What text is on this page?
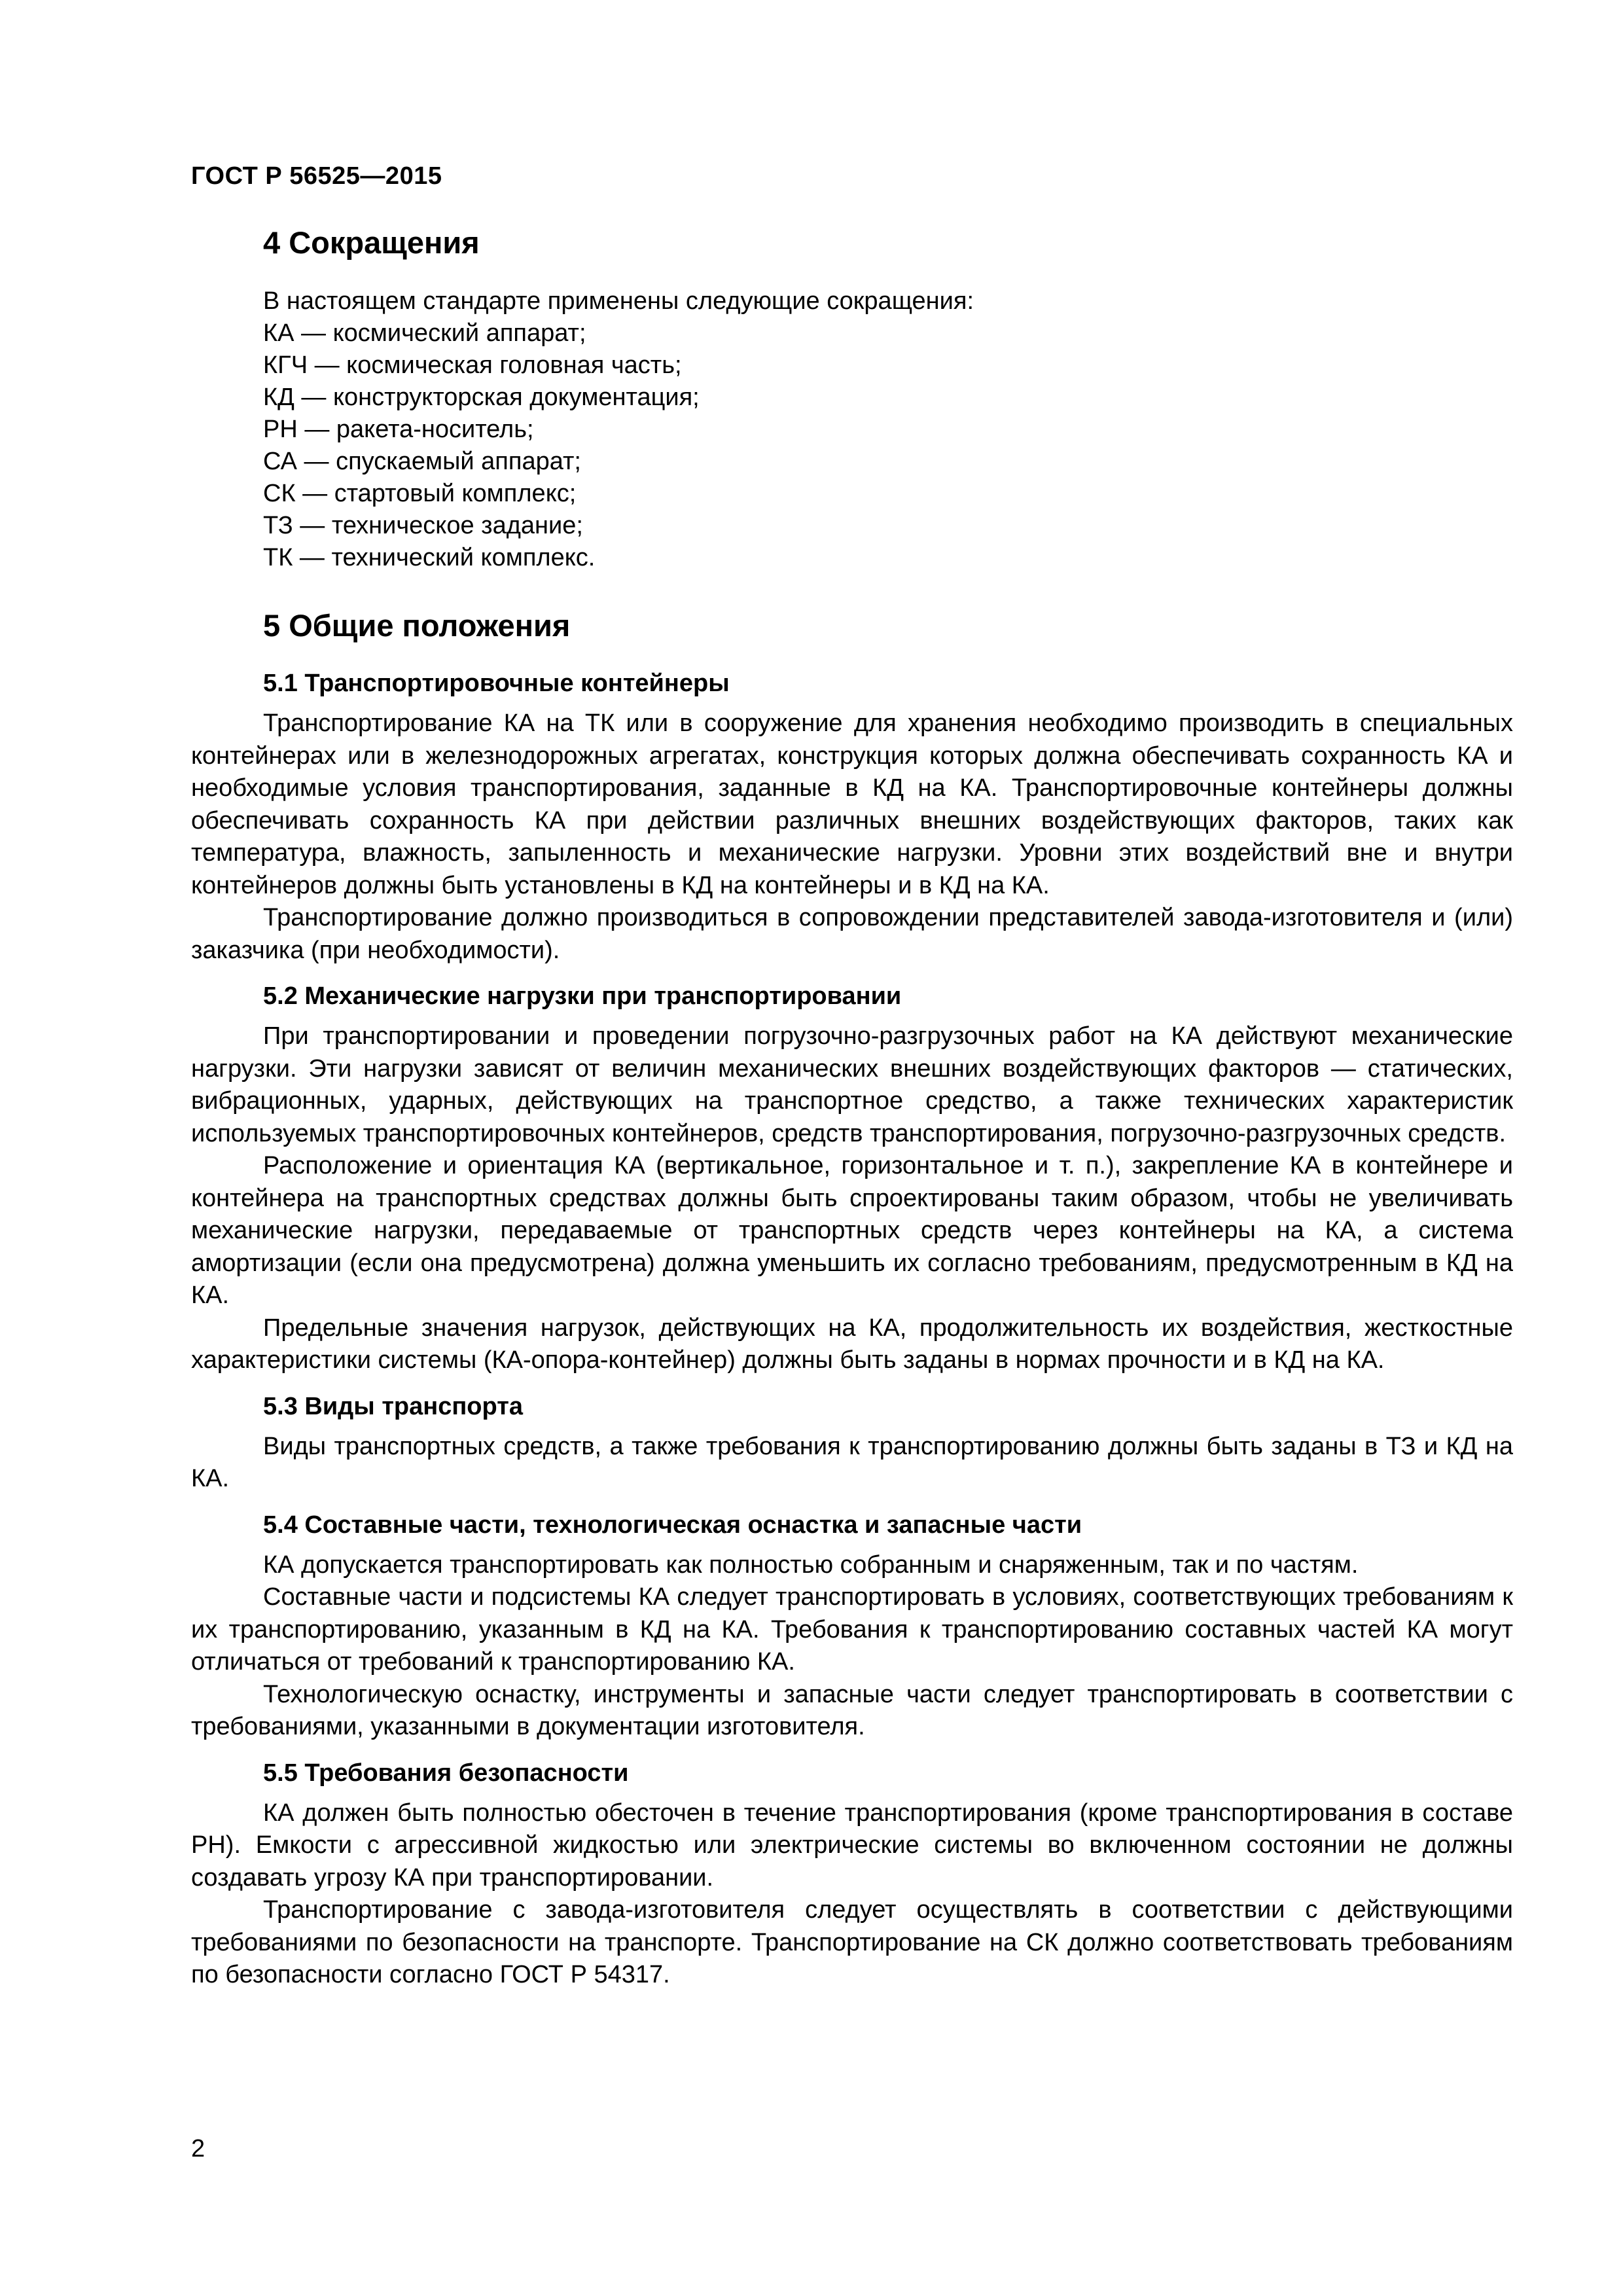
ГОСТ Р 56525—2015
4 Сокращения

В настоящем стандарте применены следующие сокращения:

КА — космический аппарат;

КГЧ — космическая головная часть;

КД — конструкторская документация;

РН — ракета-носитель;

СА — спускаемый аппарат;

СК — стартовый комплекс;

ТЗ — техническое задание;

ТК — технический комплекс.

5 Общие положения
5.1 Транспортировочные контейнеры

Транспортирование КА на ТК или в сооружение для хранения необходимо производить в специальных контейнерах или в железнодорожных агрегатах, конструкция которых должна обеспечивать сохранность КА и необходимые условия транспортирования, заданные в КД на КА. Транспортировочные контейнеры должны обеспечивать сохранность КА при действии различных внешних воздействующих факторов, таких как температура, влажность, запыленность и механические нагрузки. Уровни этих воздействий вне и внутри контейнеров должны быть установлены в КД на контейнеры и в КД на КА.

Транспортирование должно производиться в сопровождении представителей завода-изготовителя и (или) заказчика (при необходимости).

5.2 Механические нагрузки при транспортировании

При транспортировании и проведении погрузочно-разгрузочных работ на КА действуют механические нагрузки. Эти нагрузки зависят от величин механических внешних воздействующих факторов — статических, вибрационных, ударных, действующих на транспортное средство, а также технических характеристик используемых транспортировочных контейнеров, средств транспортирования, погрузочно-разгрузочных средств.

Расположение и ориентация КА (вертикальное, горизонтальное и т. п.), закрепление КА в контейнере и контейнера на транспортных средствах должны быть спроектированы таким образом, чтобы не увеличивать механические нагрузки, передаваемые от транспортных средств через контейнеры на КА, а система амортизации (если она предусмотрена) должна уменьшить их согласно требованиям, предусмотренным в КД на КА.

Предельные значения нагрузок, действующих на КА, продолжительность их воздействия, жесткостные характеристики системы (КА-опора-контейнер) должны быть заданы в нормах прочности и в КД на КА.

5.3 Виды транспорта

Виды транспортных средств, а также требования к транспортированию должны быть заданы в ТЗ и КД на КА.

5.4 Составные части, технологическая оснастка и запасные части

КА допускается транспортировать как полностью собранным и снаряженным, так и по частям.

Составные части и подсистемы КА следует транспортировать в условиях, соответствующих требованиям к их транспортированию, указанным в КД на КА. Требования к транспортированию составных частей КА могут отличаться от требований к транспортированию КА.

Технологическую оснастку, инструменты и запасные части следует транспортировать в соответствии с требованиями, указанными в документации изготовителя.

5.5 Требования безопасности

КА должен быть полностью обесточен в течение транспортирования (кроме транспортирования в составе РН). Емкости с агрессивной жидкостью или электрические системы во включенном состоянии не должны создавать угрозу КА при транспортировании.

Транспортирование с завода-изготовителя следует осуществлять в соответствии с действующими требованиями по безопасности на транспорте. Транспортирование на СК должно соответствовать требованиям по безопасности согласно ГОСТ Р 54317.

2
